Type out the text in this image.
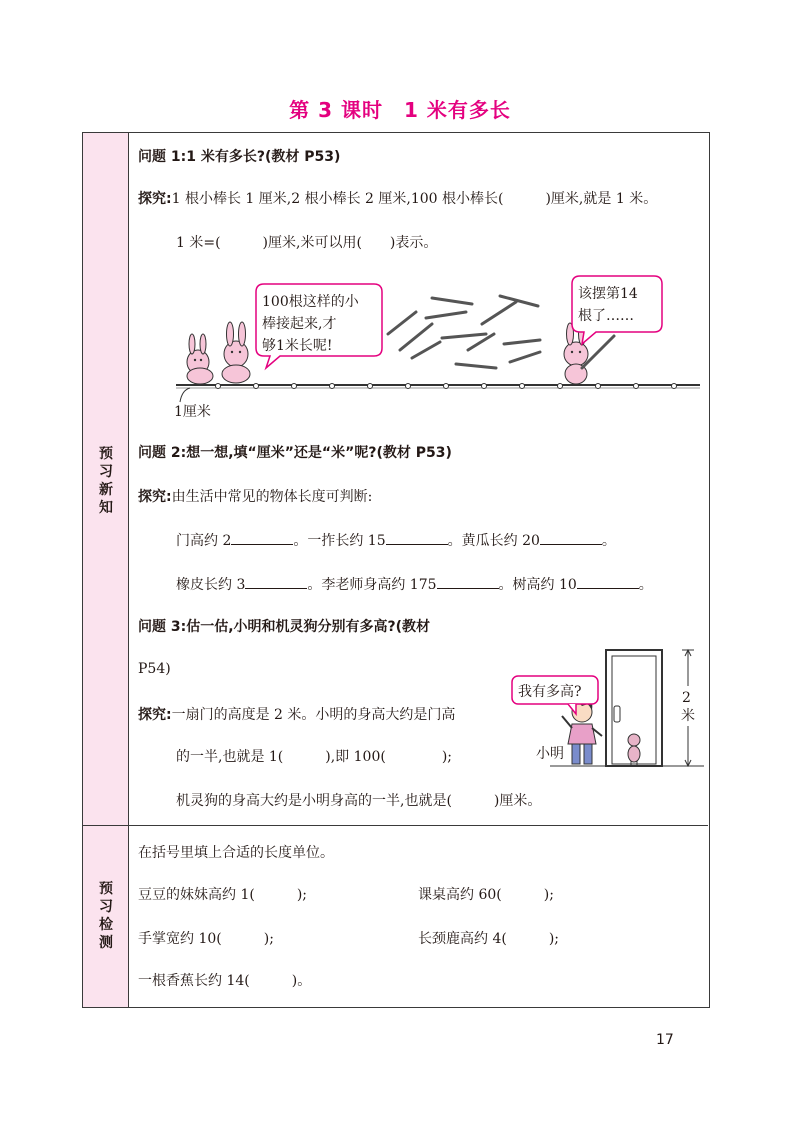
第 3 课时　1 米有多长
预
习
新
知
预
习
检
测
问题 1:1 米有多长?(教材 P53)
探究:1 根小棒长 1 厘米,2 根小棒长 2 厘米,100 根小棒长(　　　)厘米,就是 1 米。
1 米=(　　　)厘米,米可以用(　　)表示。
100根这样的小
棒接起来,才
够1米长呢!
该摆第14
根了……
1厘米
问题 2:想一想,填“厘米”还是“米”呢?(教材 P53)
探究:由生活中常见的物体长度可判断:
门高约 2	。一拃长约 15	。黄瓜长约 20	。
橡皮长约 3	。李老师身高约 175	。树高约 10	。
问题 3:估一估,小明和机灵狗分别有多高?(教材
P54)
探究:一扇门的高度是 2 米。小明的身高大约是门高
的一半,也就是 1(　　　),即 100(　　　　);
机灵狗的身高大约是小明身高的一半,也就是(　　　)厘米。
2
米
我有多高?
小明
在括号里填上合适的长度单位。
豆豆的妹妹高约 1(　　　);	课桌高约 60(　　　);
手掌宽约 10(　　　);	长颈鹿高约 4(　　　);
一根香蕉长约 14(　　　)。
17
